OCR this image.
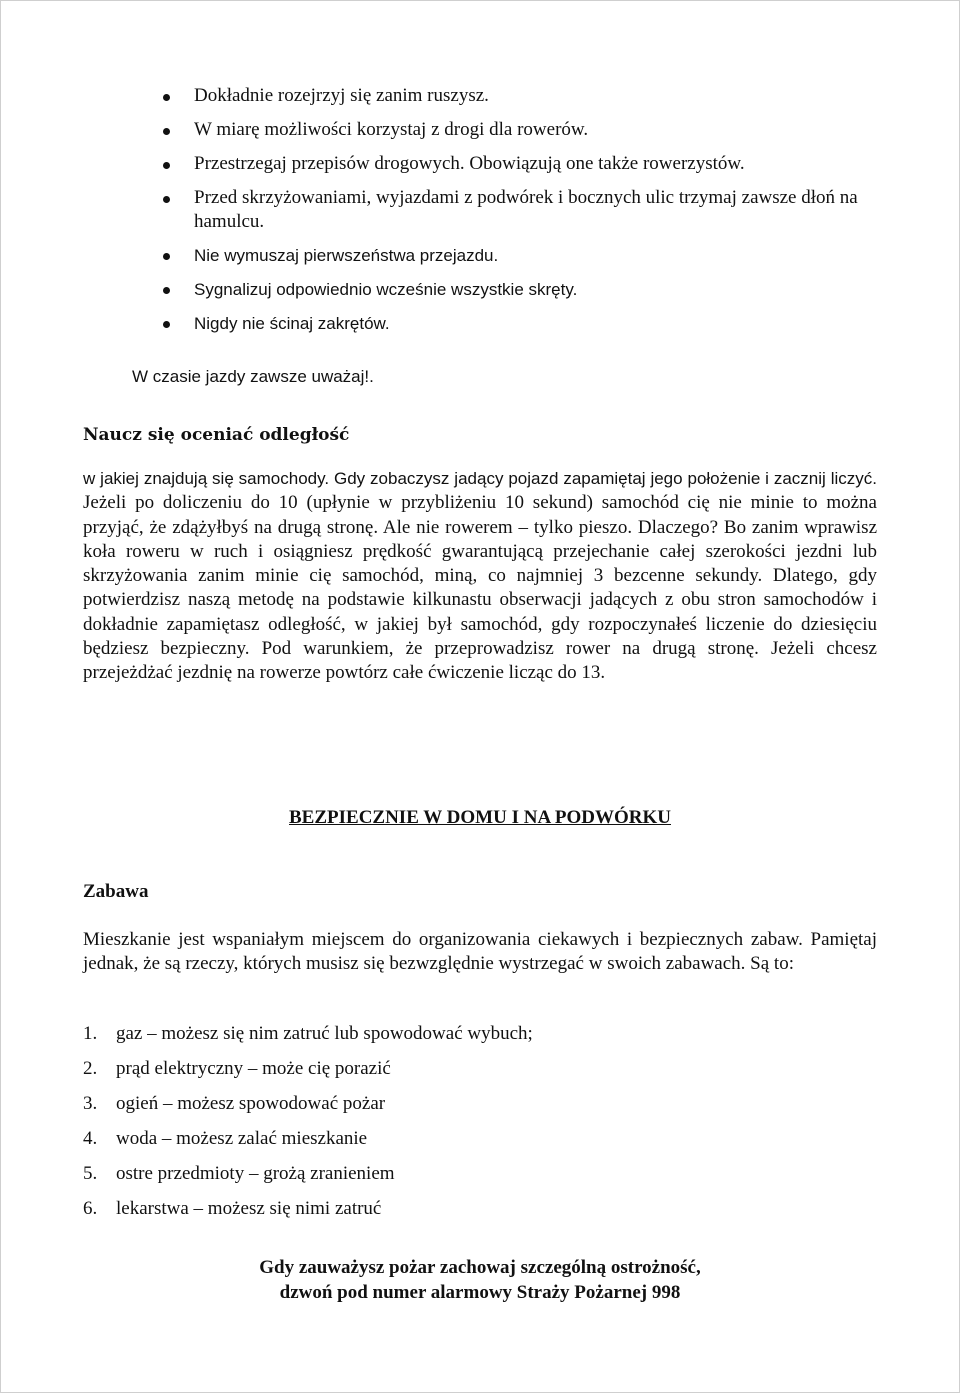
Dokładnie rozejrzyj się zanim ruszysz.
W miarę możliwości korzystaj z drogi dla rowerów.
Przestrzegaj przepisów drogowych. Obowiązują one także rowerzystów.
Przed skrzyżowaniami, wyjazdami z podwórek i bocznych ulic trzymaj zawsze dłoń na hamulcu.
Nie wymuszaj pierwszeństwa przejazdu.
Sygnalizuj odpowiednio wcześnie wszystkie skręty.
Nigdy nie ścinaj zakrętów.
W czasie jazdy zawsze uważaj!.
Naucz się oceniać odległość

w jakiej znajdują się samochody. Gdy zobaczysz jadący pojazd zapamiętaj jego położenie i zacznij liczyć. Jeżeli po doliczeniu do 10 (upłynie w przybliżeniu 10 sekund) samochód cię nie minie to można przyjąć, że zdążyłbyś na drugą stronę. Ale nie rowerem – tylko pieszo. Dlaczego? Bo zanim wprawisz koła roweru w ruch i osiągniesz prędkość gwarantującą przejechanie całej szerokości jezdni lub skrzyżowania zanim minie cię samochód, miną, co najmniej 3 bezcenne sekundy. Dlatego, gdy potwierdzisz naszą metodę na podstawie kilkunastu obserwacji jadących z obu stron samochodów i dokładnie zapamiętasz odległość, w jakiej był samochód, gdy rozpoczynałeś liczenie do dziesięciu będziesz bezpieczny. Pod warunkiem, że przeprowadzisz rower na drugą stronę. Jeżeli chcesz przejeżdżać jezdnię na rowerze powtórz całe ćwiczenie licząc do 13.

BEZPIECZNIE W DOMU I NA PODWÓRKU
Zabawa

Mieszkanie jest wspaniałym miejscem do organizowania ciekawych i bezpiecznych zabaw. Pamiętaj jednak, że są rzeczy, których musisz się bezwzględnie wystrzegać w swoich zabawach. Są to:

1. gaz – możesz się nim zatruć lub spowodować wybuch;
2. prąd elektryczny – może cię porazić
3. ogień – możesz spowodować pożar
4. woda – możesz zalać mieszkanie
5. ostre przedmioty – grożą zranieniem
6. lekarstwa – możesz się nimi zatruć
Gdy zauważysz pożar zachowaj szczególną ostrożność,
dzwoń pod numer alarmowy Straży Pożarnej 998
